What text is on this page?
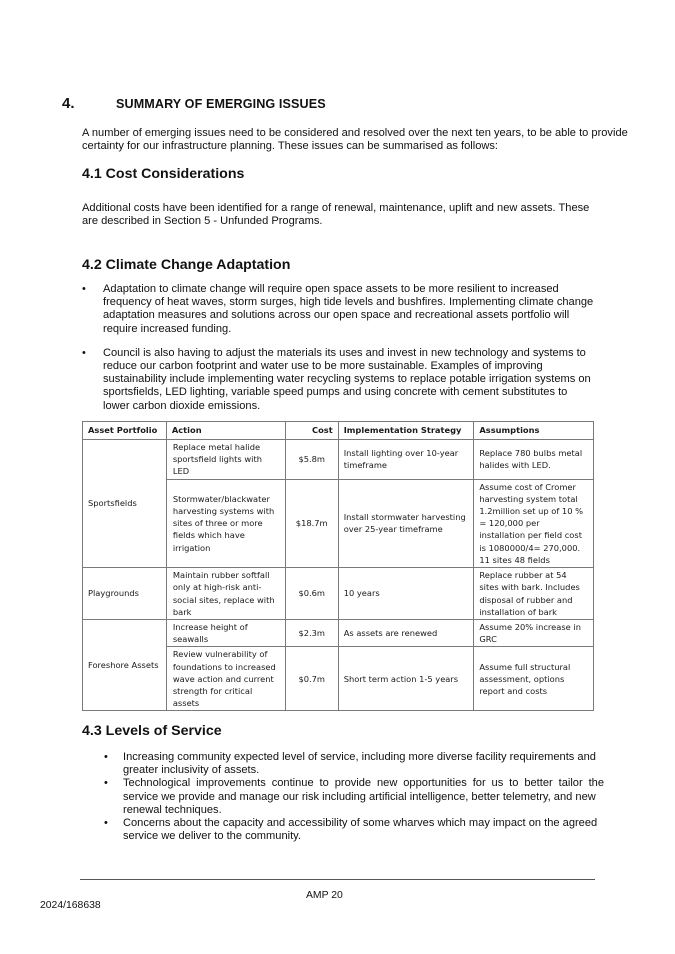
4.	SUMMARY OF EMERGING ISSUES
A number of emerging issues need to be considered and resolved over the next ten years, to be able to provide
certainty for our infrastructure planning. These issues can be summarised as follows:
4.1 Cost Considerations
Additional costs have been identified for a range of renewal, maintenance, uplift and new assets. These
are described in Section 5 - Unfunded Programs.
4.2 Climate Change Adaptation
• Adaptation to climate change will require open space assets to be more resilient to increased
frequency of heat waves, storm surges, high tide levels and bushfires. Implementing climate change
adaptation measures and solutions across our open space and recreational assets portfolio will
require increased funding.
• Council is also having to adjust the materials its uses and invest in new technology and systems to
reduce our carbon footprint and water use to be more sustainable. Examples of improving
sustainability include implementing water recycling systems to replace potable irrigation systems on
sportsfields, LED lighting, variable speed pumps and using concrete with cement substitutes to
lower carbon dioxide emissions.
Asset Portfolio	Action	Cost	Implementation Strategy	Assumptions
Sportsfields	Replace metal halide sportsfield lights with LED	$5.8m	Install lighting over 10-year timeframe	Replace 780 bulbs metal halides with LED.
	Stormwater/blackwater harvesting systems with sites of three or more fields which have irrigation	$18.7m	Install stormwater harvesting over 25-year timeframe	Assume cost of Cromer harvesting system total 1.2million set up of 10 % = 120,000 per installation per field cost is 1080000/4= 270,000. 11 sites 48 fields
Playgrounds	Maintain rubber softfall only at high-risk anti-social sites, replace with bark	$0.6m	10 years	Replace rubber at 54 sites with bark. Includes disposal of rubber and installation of bark
Foreshore Assets	Increase height of seawalls	$2.3m	As assets are renewed	Assume 20% increase in GRC
	Review vulnerability of foundations to increased wave action and current strength for critical assets	$0.7m	Short term action 1-5 years	Assume full structural assessment, options report and costs
4.3 Levels of Service
• Increasing community expected level of service, including more diverse facility requirements and
greater inclusivity of assets.
• Technological improvements continue to provide new opportunities for us to better tailor the
service we provide and manage our risk including artificial intelligence, better telemetry, and new
renewal techniques.
• Concerns about the capacity and accessibility of some wharves which may impact on the agreed
service we deliver to the community.
AMP 20
2024/168638
